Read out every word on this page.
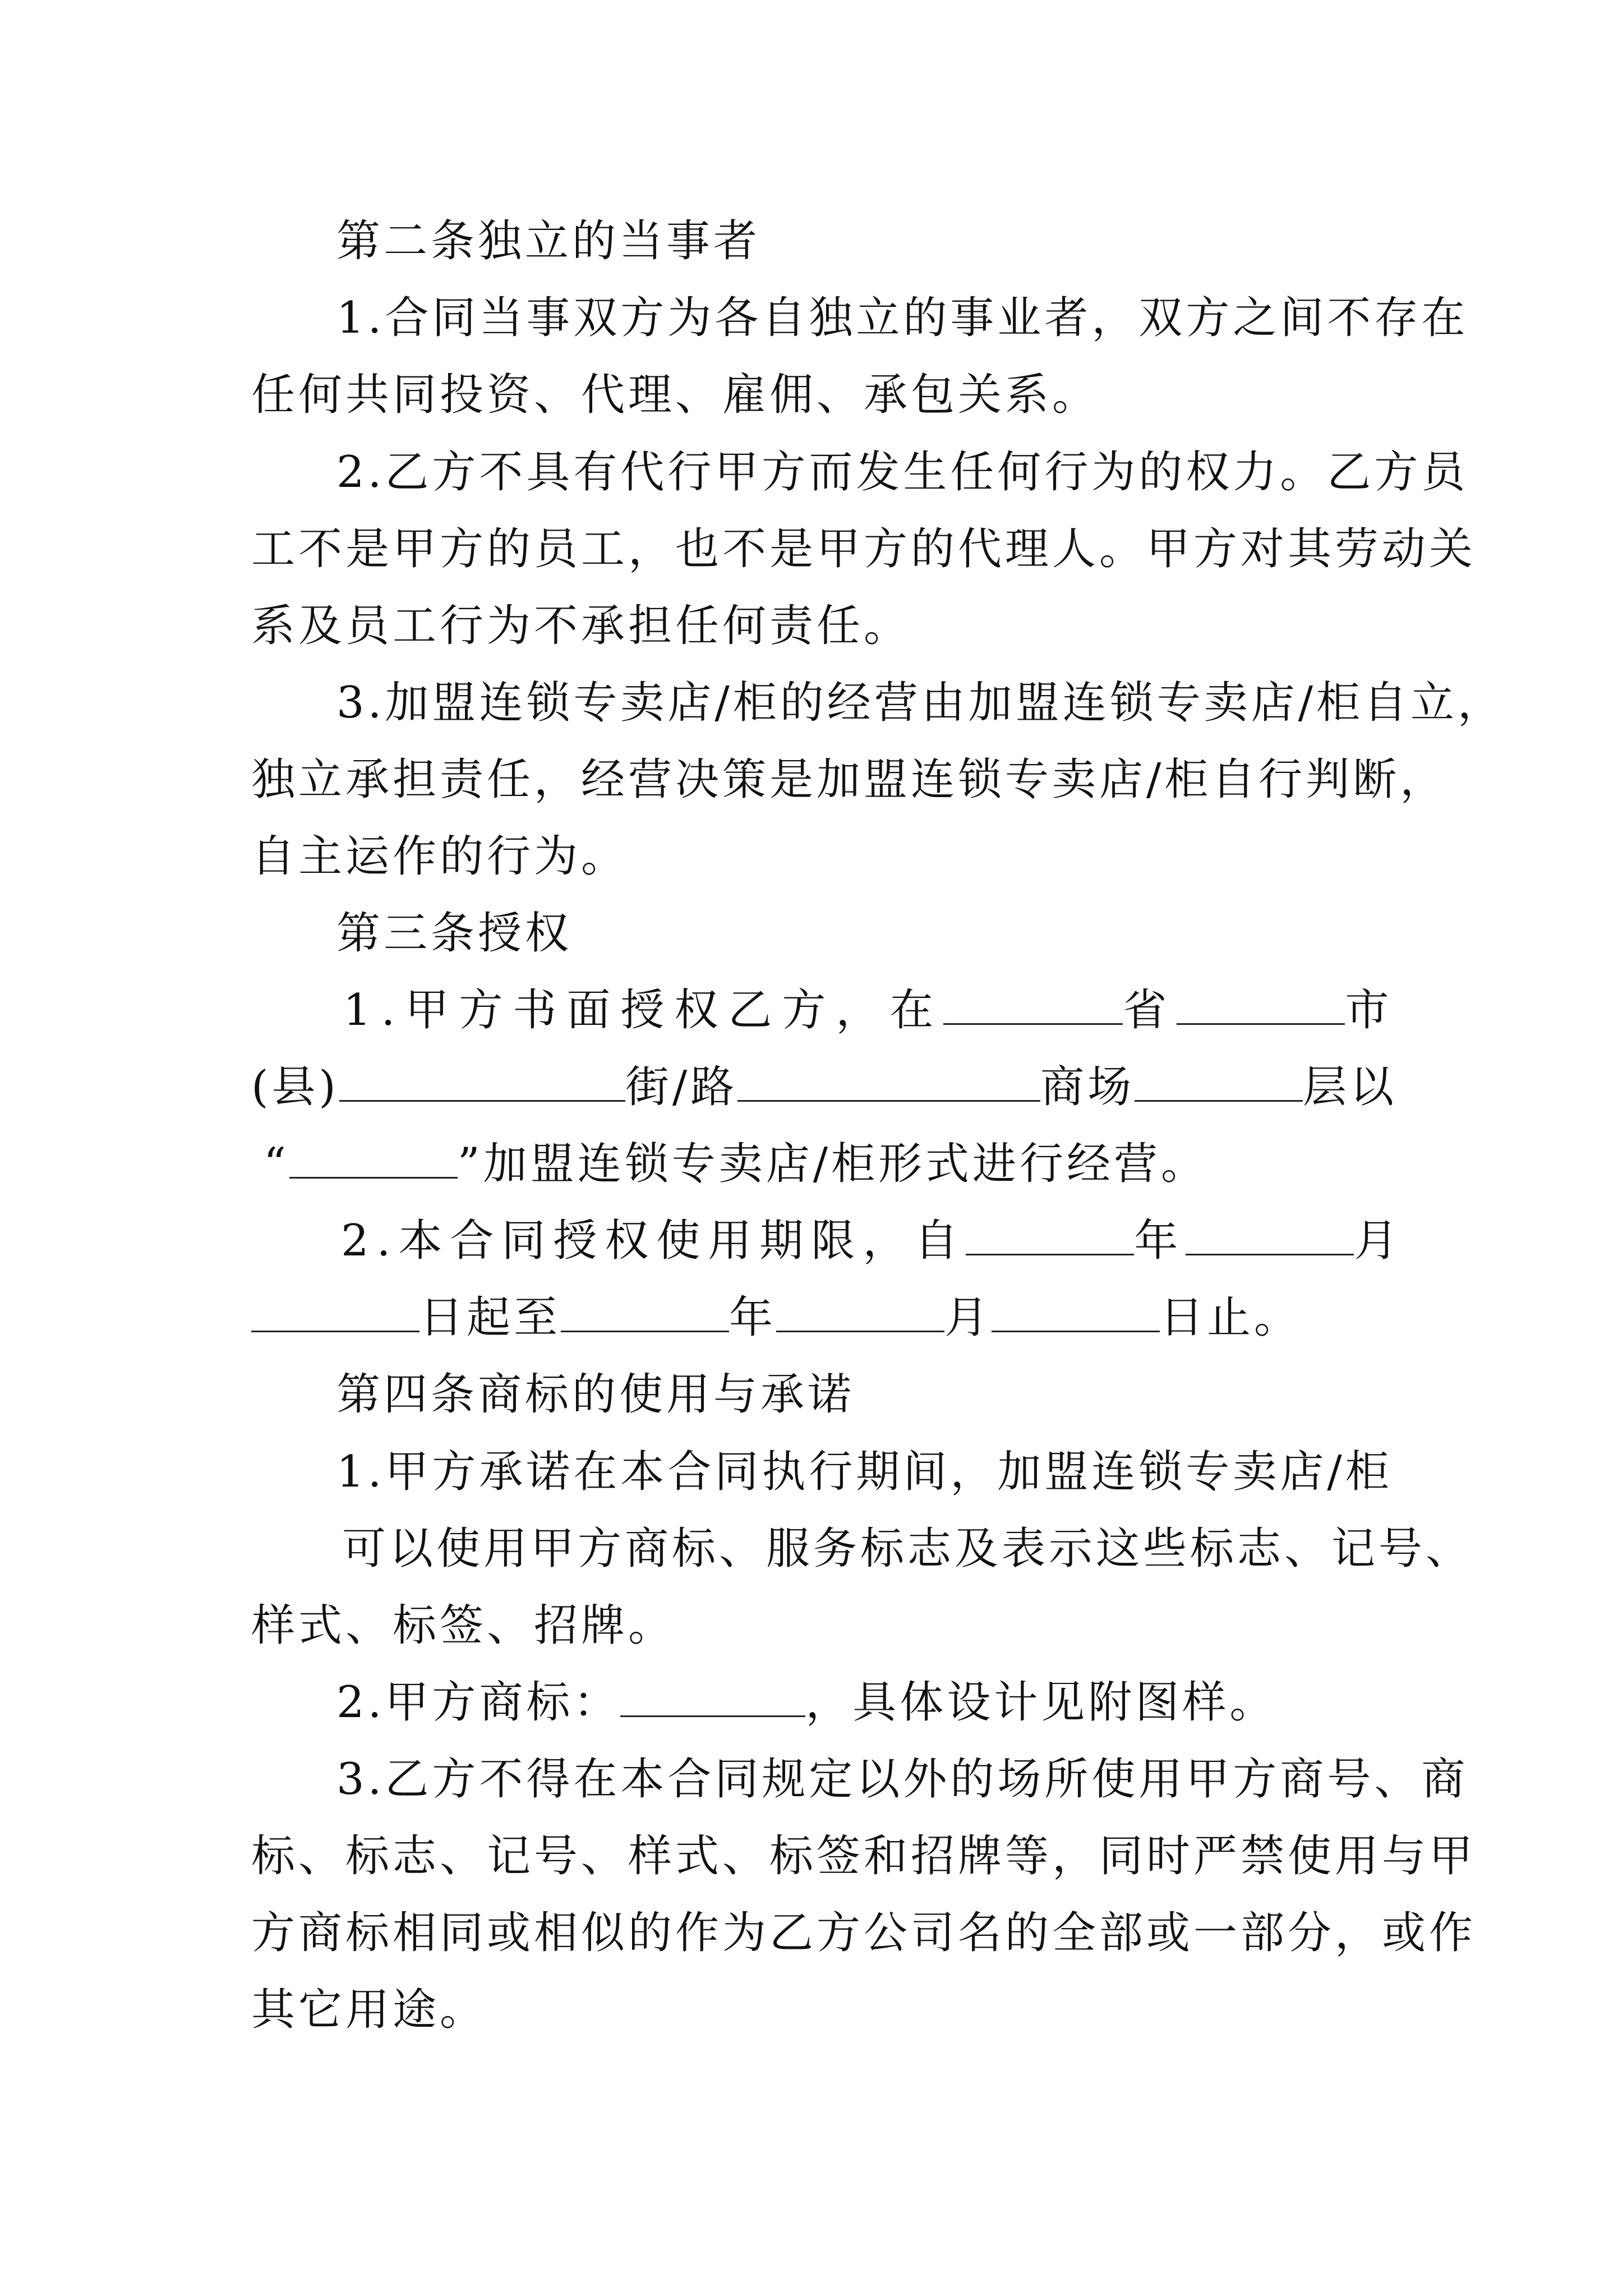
第二条独立的当事者
1.合同当事双方为各自独立的事业者，双方之间不存在
任何共同投资、代理、雇佣、承包关系。
2.乙方不具有代行甲方而发生任何行为的权力。乙方员
工不是甲方的员工，也不是甲方的代理人。甲方对其劳动关
系及员工行为不承担任何责任。
3.加盟连锁专卖店/柜的经营由加盟连锁专卖店/柜自立，
独立承担责任，经营决策是加盟连锁专卖店/柜自行判断，
自主运作的行为。
第三条授权
1.甲方书面授权乙方，在	省	市
(县)	街/路	商场	层以
“	”加盟连锁专卖店/柜形式进行经营。
2.本合同授权使用期限，自	年	月
日起至	年	月	日止。
第四条商标的使用与承诺
1.甲方承诺在本合同执行期间，加盟连锁专卖店/柜
可以使用甲方商标、服务标志及表示这些标志、记号、
样式、标签、招牌。
2.甲方商标：	，具体设计见附图样。
3.乙方不得在本合同规定以外的场所使用甲方商号、商
标、标志、记号、样式、标签和招牌等，同时严禁使用与甲
方商标相同或相似的作为乙方公司名的全部或一部分，或作
其它用途。
